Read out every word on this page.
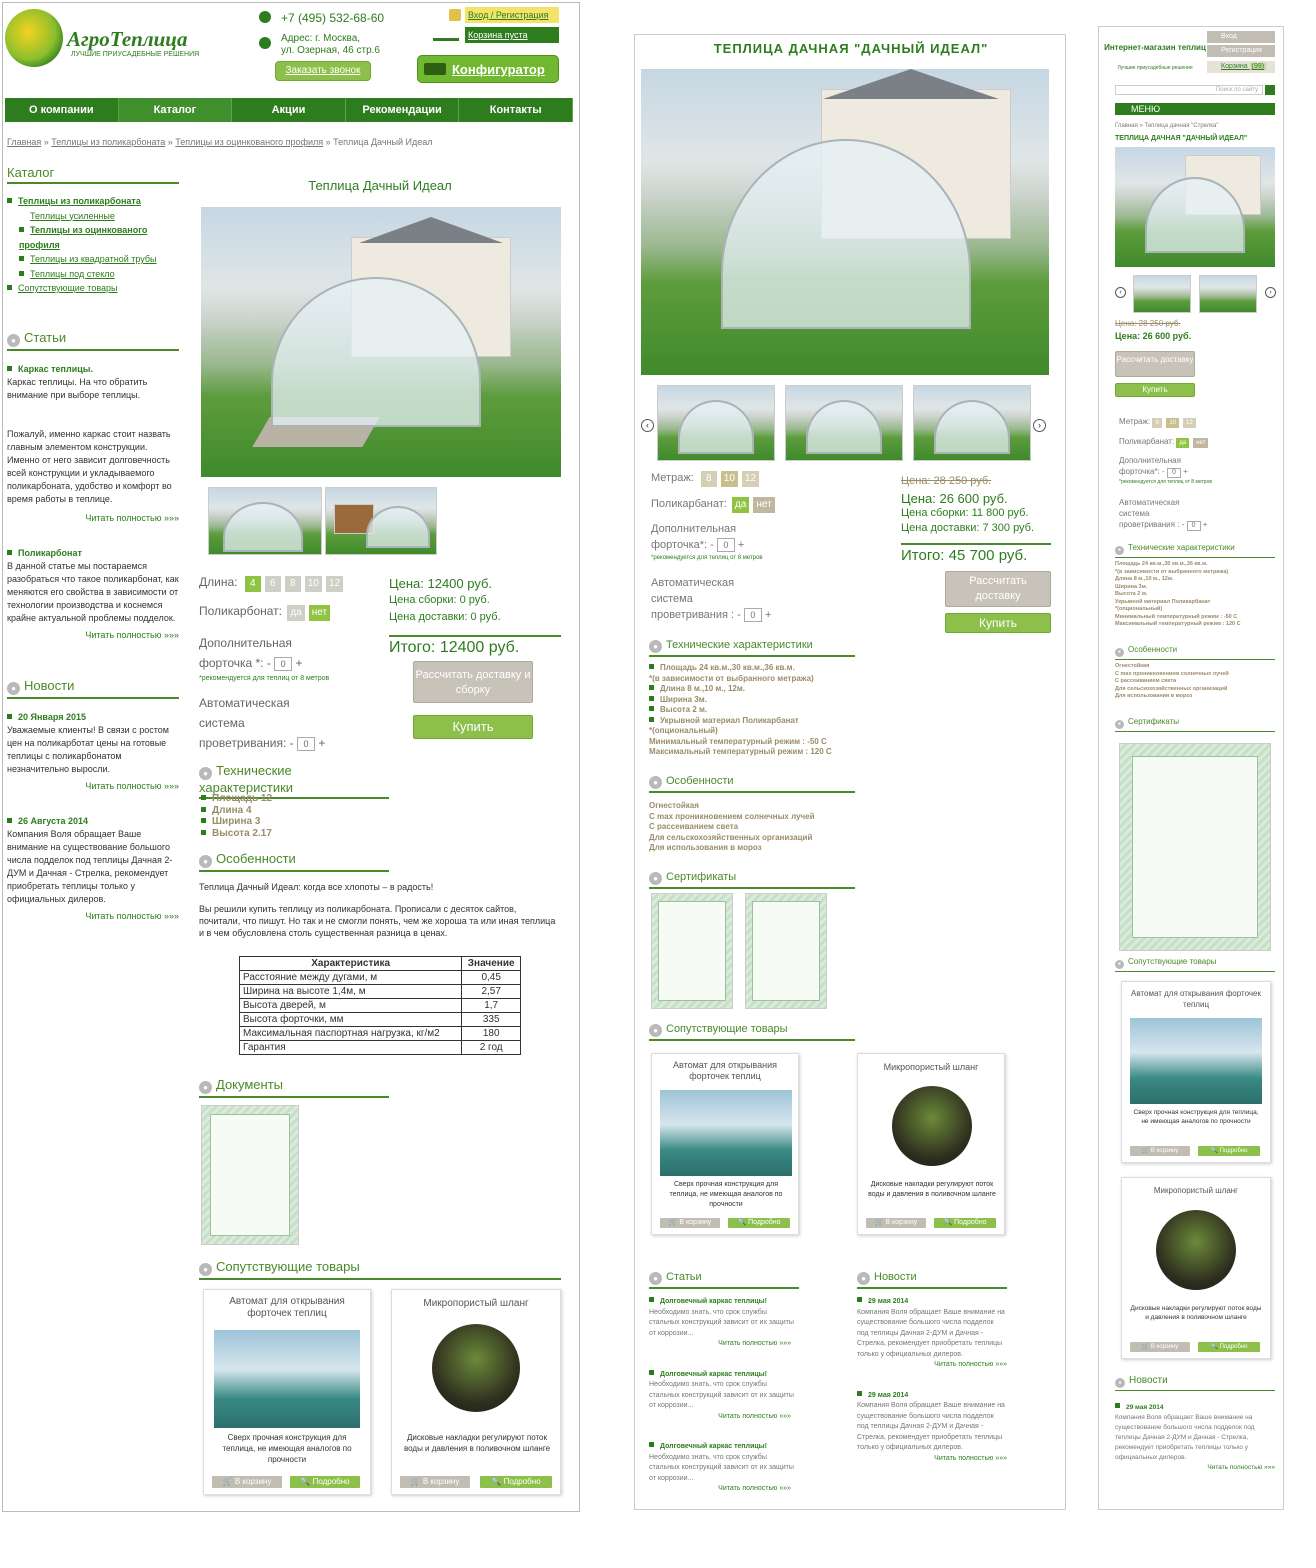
АгроТеплица
ЛУЧШИЕ ПРИУСАДЕБНЫЕ РЕШЕНИЯ
+7 (495) 532-68-60
Адрес: г. Москва,
ул. Озерная, 46 стр.6
Заказать звонок
Вход / Регистрация
Корзина пуста
Конфигуратор
О компании	Каталог	Акции	Рекомендации	Контакты
Главная » Теплицы из поликарбоната » Теплицы из оцинкованого профиля » Теплица Дачный Идеал
Каталог
Теплицы из поликарбоната
Теплицы усиленные
Теплицы из оцинкованого профиля
Теплицы из квадратной трубы
Теплицы под стекло
Сопутствующие товары
● Статьи
Каркас теплицы.
Каркас теплицы. На что обратить внимание при выборе теплицы.
Пожалуй, именно каркас стоит назвать главным элементом конструкции. Именно от него зависит долговечность всей конструкции и укладываемого поликарбоната, удобство и комфорт во время работы в теплице.
Читать полностью »»»
Поликарбонат
В данной статье мы постараемся разобраться что такое поликарбонат, как меняются его свойства в зависимости от технологии производства и коснемся крайне актуальной проблемы подделок.
Читать полностью »»»
● Новости
20 Января 2015
Уважаемые клиенты! В связи с ростом цен на поликарботат цены на готовые теплицы с поликарбонатом незначительно выросли.
Читать полностью »»»
26 Августа 2014
Компания Воля обращает Ваше внимание на существование большого числа подделок под теплицы Дачная 2-ДУМ и Дачная - Стрелка, рекомендует приобретать теплицы только у официальных дилеров.
Читать полностью »»»
Теплица Дачный Идеал
Длина: 4 6 8 10 12
Поликарбонат: да нет
Дополнительная
форточка *: - 0 +
*рекомендуется для теплиц от 8 метров
Автоматическая
система
проветривания: - 0 +
Цена: 12400 руб.
Цена сборки: 0 руб.
Цена доставки: 0 руб.
Итого: 12400 руб.
Рассчитать доставку и сборку
Купить
● Технические характеристики
Площадь 12
Длина 4
Ширина 3
Высота 2.17
● Особенности
Теплица Дачный Идеал: когда все хлопоты – в радость!
Вы решили купить теплицу из поликарбоната. Прописали с десяток сайтов, почитали, что пишут. Но так и не смогли понять, чем же хороша та или иная теплица и в чем обусловлена столь существенная разница в ценах.
Характеристика	Значение
Расстояние между дугами, м	0,45
Ширина на высоте 1,4м, м	2,57
Высота дверей, м	1,7
Высота форточки, мм	335
Максимальная паспортная нагрузка, кг/м2	180
Гарантия	2 год
● Документы
● Сопутствующие товары
Автомат для открывания форточек теплиц
Сверх прочная конструкция для теплица, не имеющая аналогов по прочности
🛒 В корзину	🔍 Подробно
Микропористый шланг
Дисковые накладки регулируют поток воды и давления в поливочном шланге
🛒 В корзину	🔍 Подробно
ТЕПЛИЦА ДАЧНАЯ "ДАЧНЫЙ ИДЕАЛ"
‹	›
Метраж: 8 10 12
Поликарбанат: да нет
Дополнительная
форточка*: - 0 +
*рекомендуется для теплиц от 8 метров
Автоматическая
система
проветривания : - 0 +
Цена: 28 250 руб.
Цена: 26 600 руб.
Цена сборки: 11 800 руб.
Цена доставки: 7 300 руб.
Итого: 45 700 руб.
Рассчитать доставку
Купить
● Технические характеристики
Площадь 24 кв.м.,30 кв.м.,36 кв.м.
*(в зависимости от выбранного метража)
Длина 8 м.,10 м., 12м.
Ширина 3м.
Высота 2 м.
Укрывной материал Поликарбанат
*(опциональный)
Минимальный температурный режим : -50 С
Максимальный температурный режим : 120 С
● Особенности
Огнестойкая
С max проникновением солнечных лучей
С рассеиванием света
Для сельскохозяйственных организаций
Для использования в мороз
● Сертификаты
● Сопутствующие товары
Автомат для открывания форточек теплиц
Сверх прочная конструкция для теплица, не имеющая аналогов по прочности
🛒 В корзину	🔍 Подробно
Микропористый шланг
Дисковые накладки регулируют поток воды и давления в поливочном шланге
🛒 В корзину	🔍 Подробно
● Статьи
Долговечный каркас теплицы!
Необходимо знать, что срок службы стальных конструкций зависит от их защиты от коррозии...
Читать полностью »»»
Долговечный каркас теплицы!
Необходимо знать, что срок службы стальных конструкций зависит от их защиты от коррозии...
Читать полностью »»»
Долговечный каркас теплицы!
Необходимо знать, что срок службы стальных конструкций зависит от их защиты от коррозии...
Читать полностью »»»
● Новости
29 мая 2014
Компания Воля обращает Ваше внимание на существование большого числа подделок под теплицы Дачная 2-ДУМ и Дачная - Стрелка, рекомендует приобретать теплицы только у официальных дилеров.
Читать полностью »»»
29 мая 2014
Компания Воля обращает Ваше внимание на существование большого числа подделок под теплицы Дачная 2-ДУМ и Дачная - Стрелка, рекомендует приобретать теплицы только у официальных дилеров.
Читать полностью »»»
Интернет-магазин теплиц
Лучшие приусадебные решения
Вход
Регистрация
Корзина (99)
Поиск по сайту
МЕНЮ
Главная » Теплица дачная "Стрелка"
ТЕПЛИЦА ДАЧНАЯ "ДАЧНЫЙ ИДЕАЛ"
‹	›
Цена: 28 250 руб.
Цена: 26 600 руб.
Рассчитать доставку
Купить
Метраж: 8 10 12
Поликарбанат: да нет
Дополнительная
форточка*: - 0 +
*рекомендуется для теплиц от 8 метров
Автоматическая
система
проветривания : - 0 +
● Технические характеристики
Площадь 24 кв.м.,30 кв.м.,36 кв.м.
*(в зависимости от выбранного метража)
Длина 8 м.,10 м., 12м.
Ширина 3м.
Высота 2 м.
Укрывной материал Поликарбанат
*(опциональный)
Минимальный температурный режим : -50 С
Максимальный температурный режим : 120 С
● Особенности
Огнестойкая
С max проникновением солнечных лучей
С рассеиванием света
Для сельскохозяйственных организаций
Для использования в мороз
● Сертификаты
● Сопутствующие товары
Автомат для открывания форточек теплиц
Сверх прочная конструкция для теплица, не имеющая аналогов по прочности
🛒 В корзину	🔍 Подробно
Микропористый шланг
Дисковые накладки регулируют поток воды и давления в поливочном шланге
🛒 В корзину	🔍 Подробно
● Новости
29 мая 2014
Компания Воля обращает Ваше внимание на существование большого числа подделок под теплицы Дачная 2-ДУМ и Дачная - Стрелка, рекомендует приобретать теплицы только у официальных дилеров.
Читать полностью »»»
